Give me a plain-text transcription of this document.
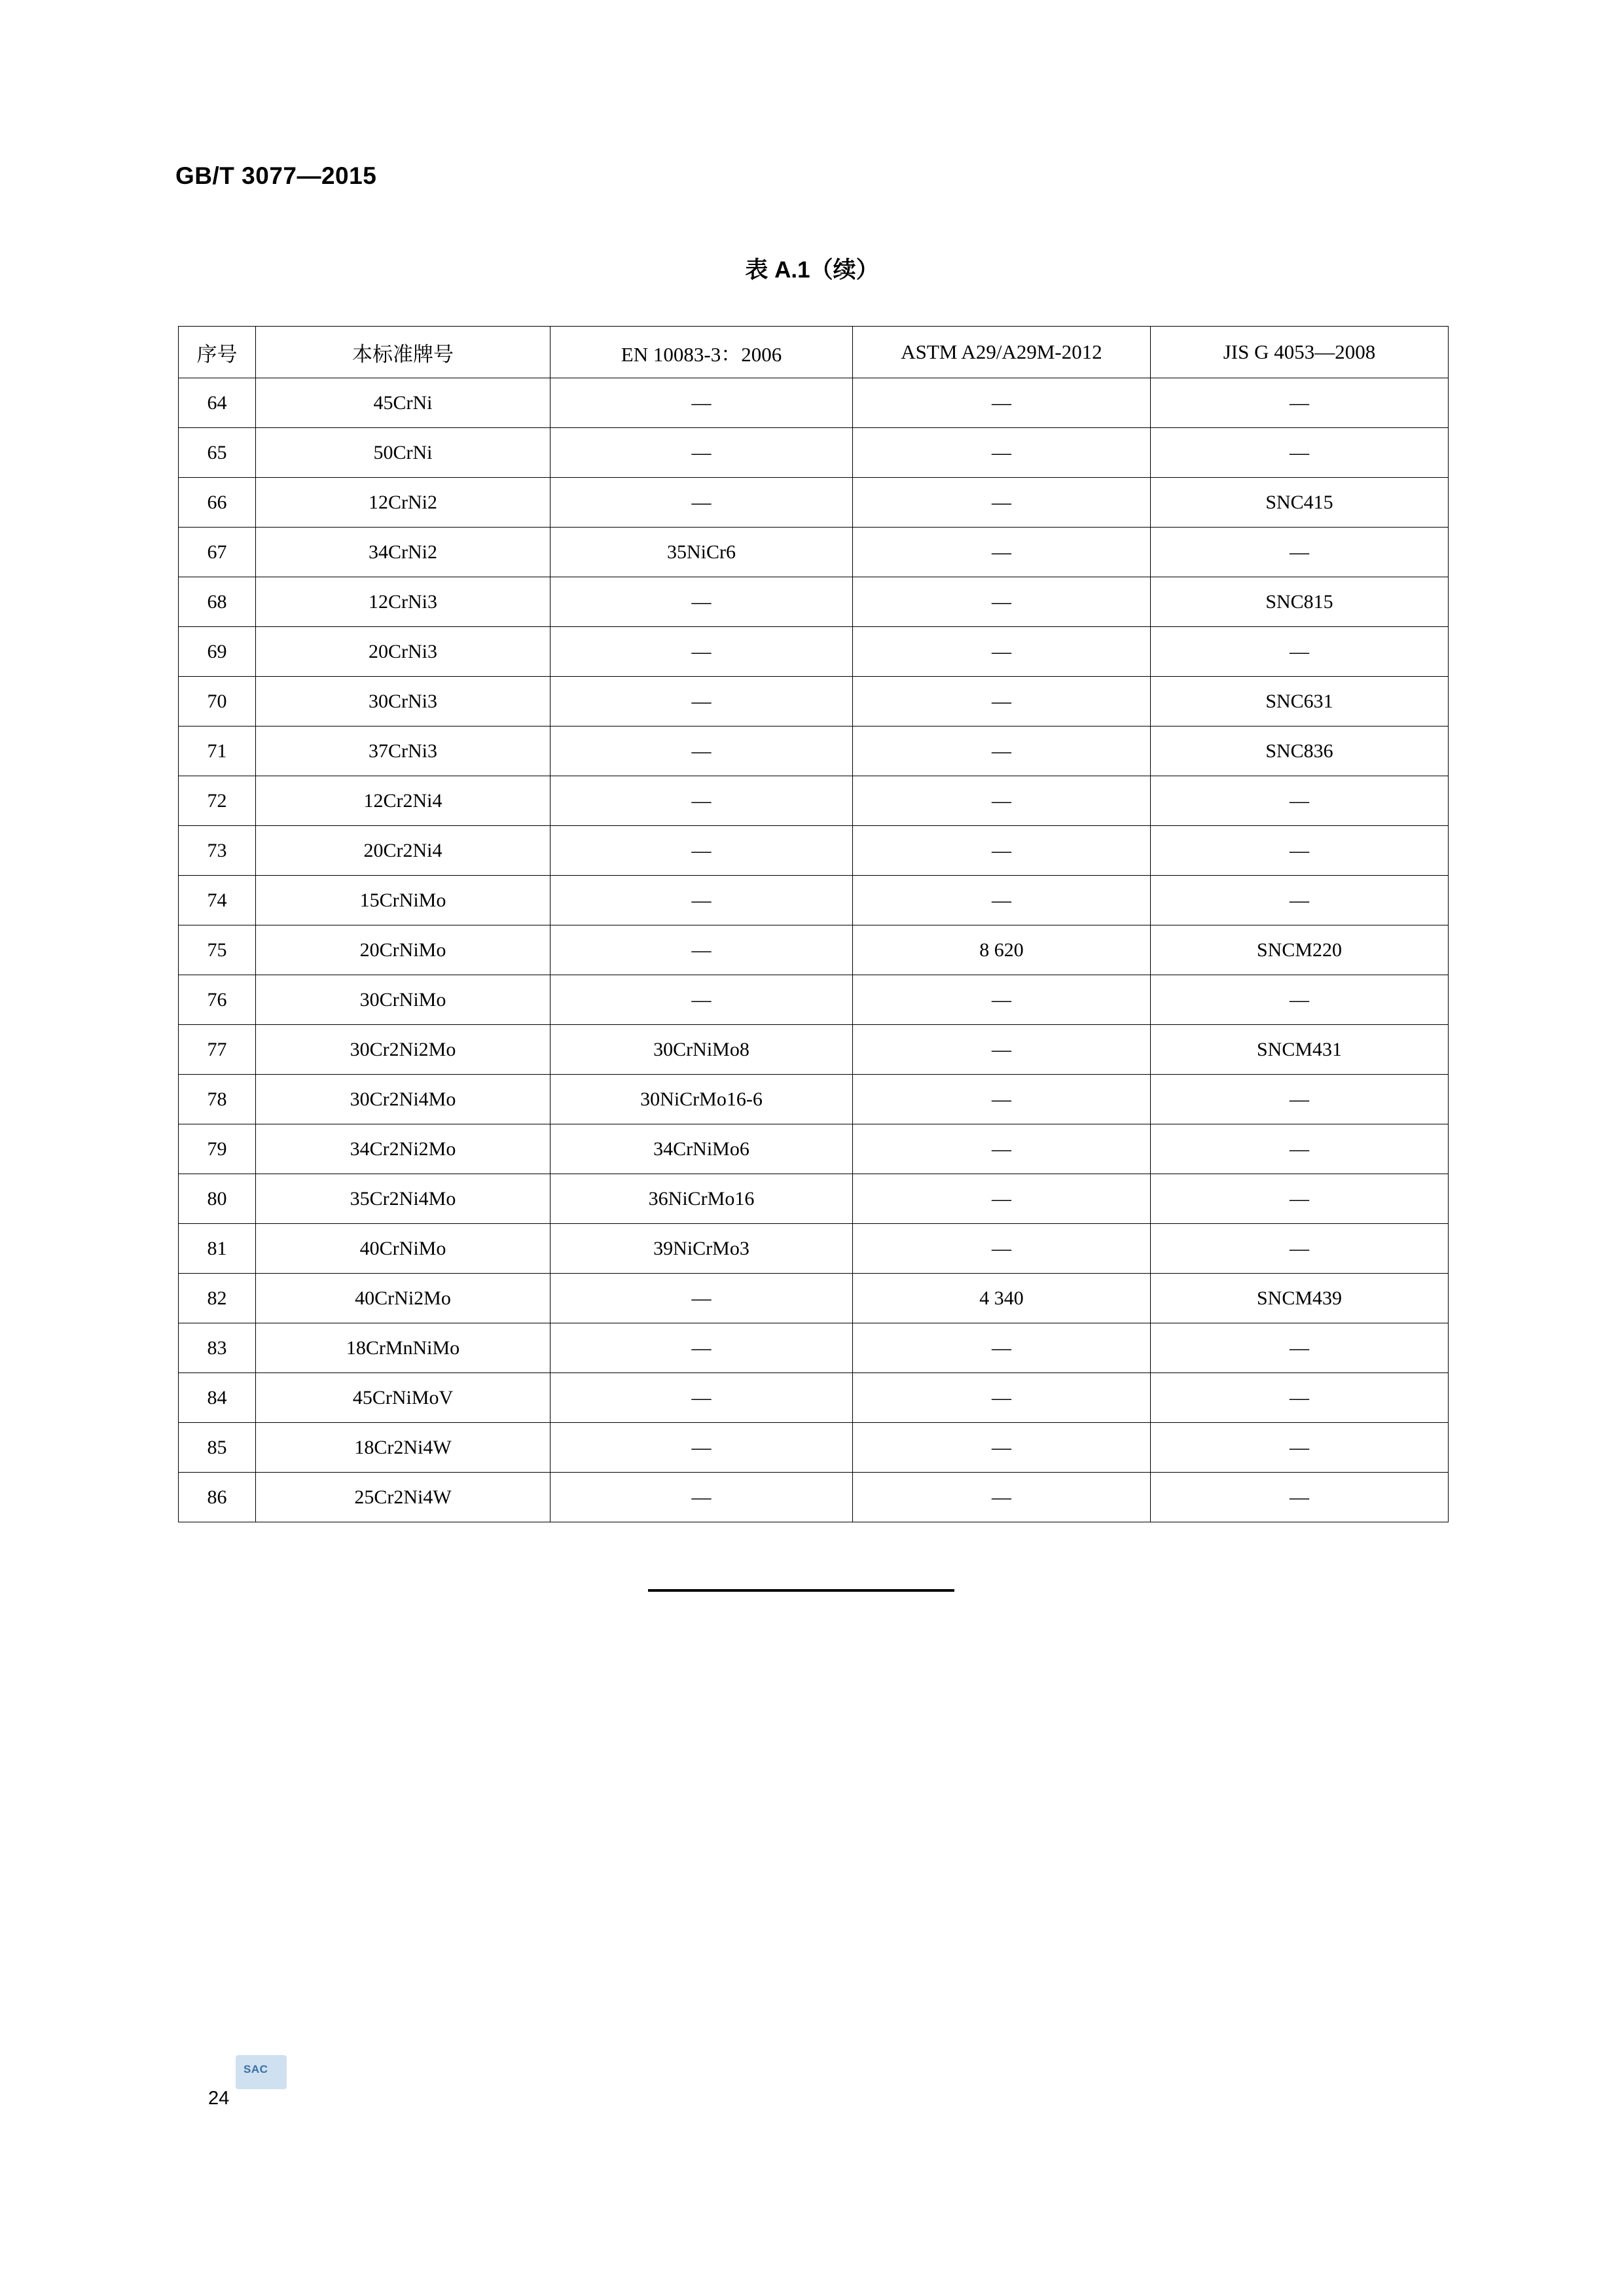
GB/T 3077—2015
表 A.1（续）
序号	本标准牌号	EN 10083-3：2006	ASTM A29/A29M-2012	JIS G 4053—2008
64	45CrNi	—	—	—
65	50CrNi	—	—	—
66	12CrNi2	—	—	SNC415
67	34CrNi2	35NiCr6	—	—
68	12CrNi3	—	—	SNC815
69	20CrNi3	—	—	—
70	30CrNi3	—	—	SNC631
71	37CrNi3	—	—	SNC836
72	12Cr2Ni4	—	—	—
73	20Cr2Ni4	—	—	—
74	15CrNiMo	—	—	—
75	20CrNiMo	—	8 620	SNCM220
76	30CrNiMo	—	—	—
77	30Cr2Ni2Mo	30CrNiMo8	—	SNCM431
78	30Cr2Ni4Mo	30NiCrMo16-6	—	—
79	34Cr2Ni2Mo	34CrNiMo6	—	—
80	35Cr2Ni4Mo	36NiCrMo16	—	—
81	40CrNiMo	39NiCrMo3	—	—
82	40CrNi2Mo	—	4 340	SNCM439
83	18CrMnNiMo	—	—	—
84	45CrNiMoV	—	—	—
85	18Cr2Ni4W	—	—	—
86	25Cr2Ni4W	—	—	—
SAC
24
